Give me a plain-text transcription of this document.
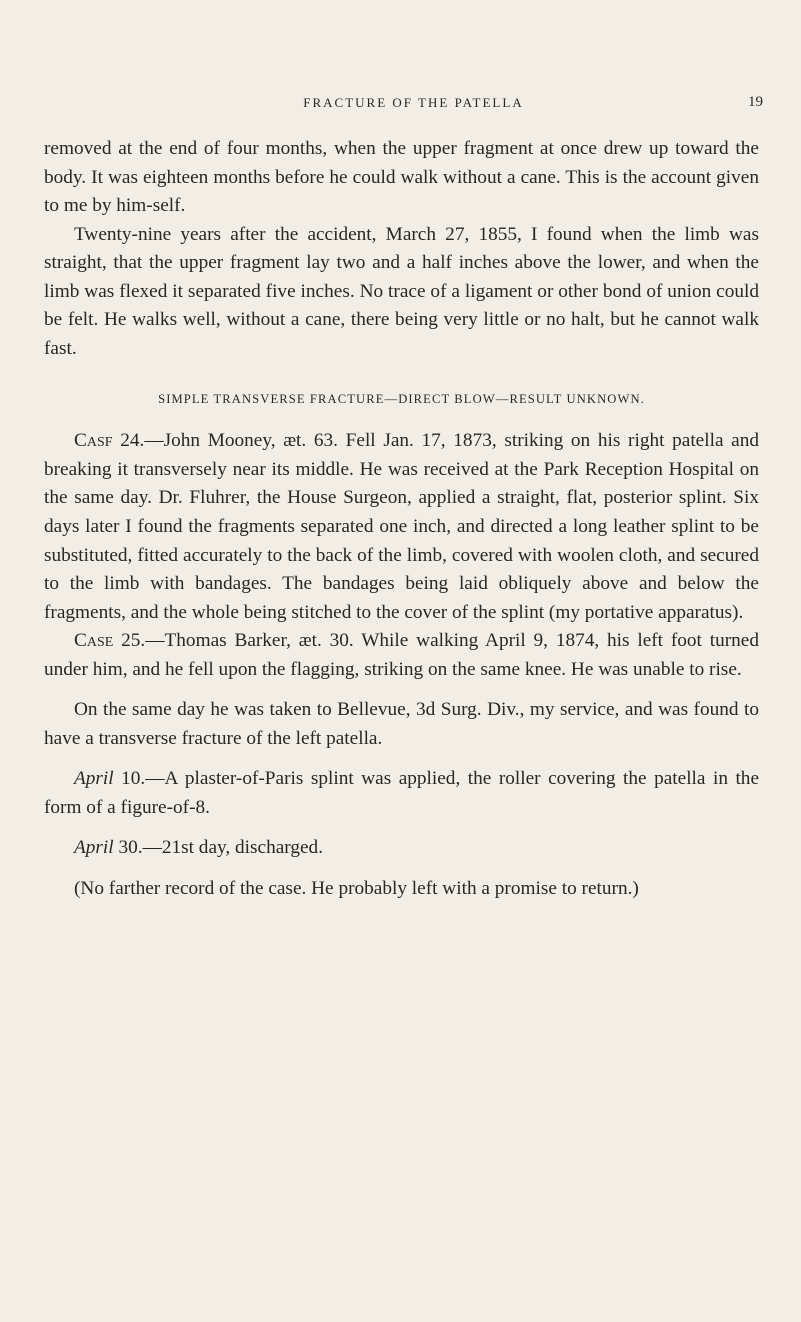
FRACTURE OF THE PATELLA	19

removed at the end of four months, when the upper fragment at once drew up toward the body. It was eighteen months before he could walk without a cane. This is the account given to me by him-self.

Twenty-nine years after the accident, March 27, 1855, I found when the limb was straight, that the upper fragment lay two and a half inches above the lower, and when the limb was flexed it separated five inches. No trace of a ligament or other bond of union could be felt. He walks well, without a cane, there being very little or no halt, but he cannot walk fast.

SIMPLE TRANSVERSE FRACTURE—DIRECT BLOW—RESULT UNKNOWN.

Casf 24.—John Mooney, æt. 63. Fell Jan. 17, 1873, striking on his right patella and breaking it transversely near its middle. He was received at the Park Reception Hospital on the same day. Dr. Fluhrer, the House Surgeon, applied a straight, flat, posterior splint. Six days later I found the fragments separated one inch, and directed a long leather splint to be substituted, fitted accurately to the back of the limb, covered with woolen cloth, and secured to the limb with bandages. The bandages being laid obliquely above and below the fragments, and the whole being stitched to the cover of the splint (my portative apparatus).

Case 25.—Thomas Barker, æt. 30. While walking April 9, 1874, his left foot turned under him, and he fell upon the flagging, striking on the same knee. He was unable to rise.

On the same day he was taken to Bellevue, 3d Surg. Div., my service, and was found to have a transverse fracture of the left patella.

April 10.—A plaster-of-Paris splint was applied, the roller covering the patella in the form of a figure-of-8.

April 30.—21st day, discharged.

(No farther record of the case. He probably left with a promise to return.)
